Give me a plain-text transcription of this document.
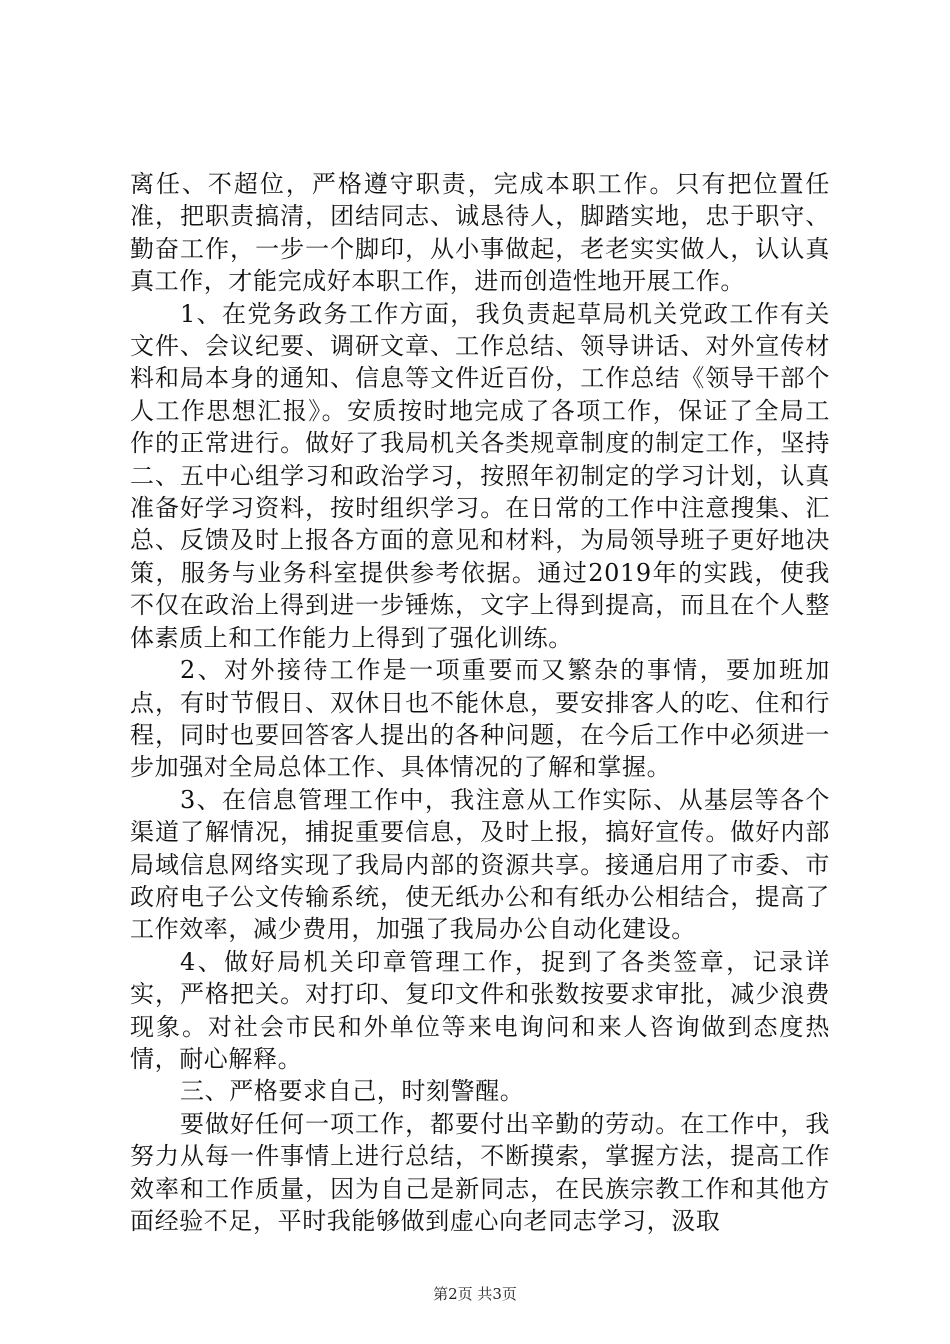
离任、不超位，严格遵守职责，完成本职工作。只有把位置任准，把职责搞清，团结同志、诚恳待人，脚踏实地，忠于职守、勤奋工作，一步一个脚印，从小事做起，老老实实做人，认认真真工作，才能完成好本职工作，进而创造性地开展工作。

1、在党务政务工作方面，我负责起草局机关党政工作有关文件、会议纪要、调研文章、工作总结、领导讲话、对外宣传材料和局本身的通知、信息等文件近百份，工作总结《领导干部个人工作思想汇报》。安质按时地完成了各项工作，保证了全局工作的正常进行。做好了我局机关各类规章制度的制定工作，坚持二、五中心组学习和政治学习，按照年初制定的学习计划，认真准备好学习资料，按时组织学习。在日常的工作中注意搜集、汇总、反馈及时上报各方面的意见和材料，为局领导班子更好地决策，服务与业务科室提供参考依据。通过2019年的实践，使我不仅在政治上得到进一步锤炼，文字上得到提高，而且在个人整体素质上和工作能力上得到了强化训练。

2、对外接待工作是一项重要而又繁杂的事情，要加班加点，有时节假日、双休日也不能休息，要安排客人的吃、住和行程，同时也要回答客人提出的各种问题，在今后工作中必须进一步加强对全局总体工作、具体情况的了解和掌握。

3、在信息管理工作中，我注意从工作实际、从基层等各个渠道了解情况，捕捉重要信息，及时上报，搞好宣传。做好内部局域信息网络实现了我局内部的资源共享。接通启用了市委、市政府电子公文传输系统，使无纸办公和有纸办公相结合，提高了工作效率，减少费用，加强了我局办公自动化建设。

4、做好局机关印章管理工作，捉到了各类签章，记录详实，严格把关。对打印、复印文件和张数按要求审批，减少浪费现象。对社会市民和外单位等来电询问和来人咨询做到态度热情，耐心解释。

三、严格要求自己，时刻警醒。

要做好任何一项工作，都要付出辛勤的劳动。在工作中，我努力从每一件事情上进行总结，不断摸索，掌握方法，提高工作效率和工作质量，因为自己是新同志，在民族宗教工作和其他方面经验不足，平时我能够做到虚心向老同志学习，汲取

第2页 共3页
